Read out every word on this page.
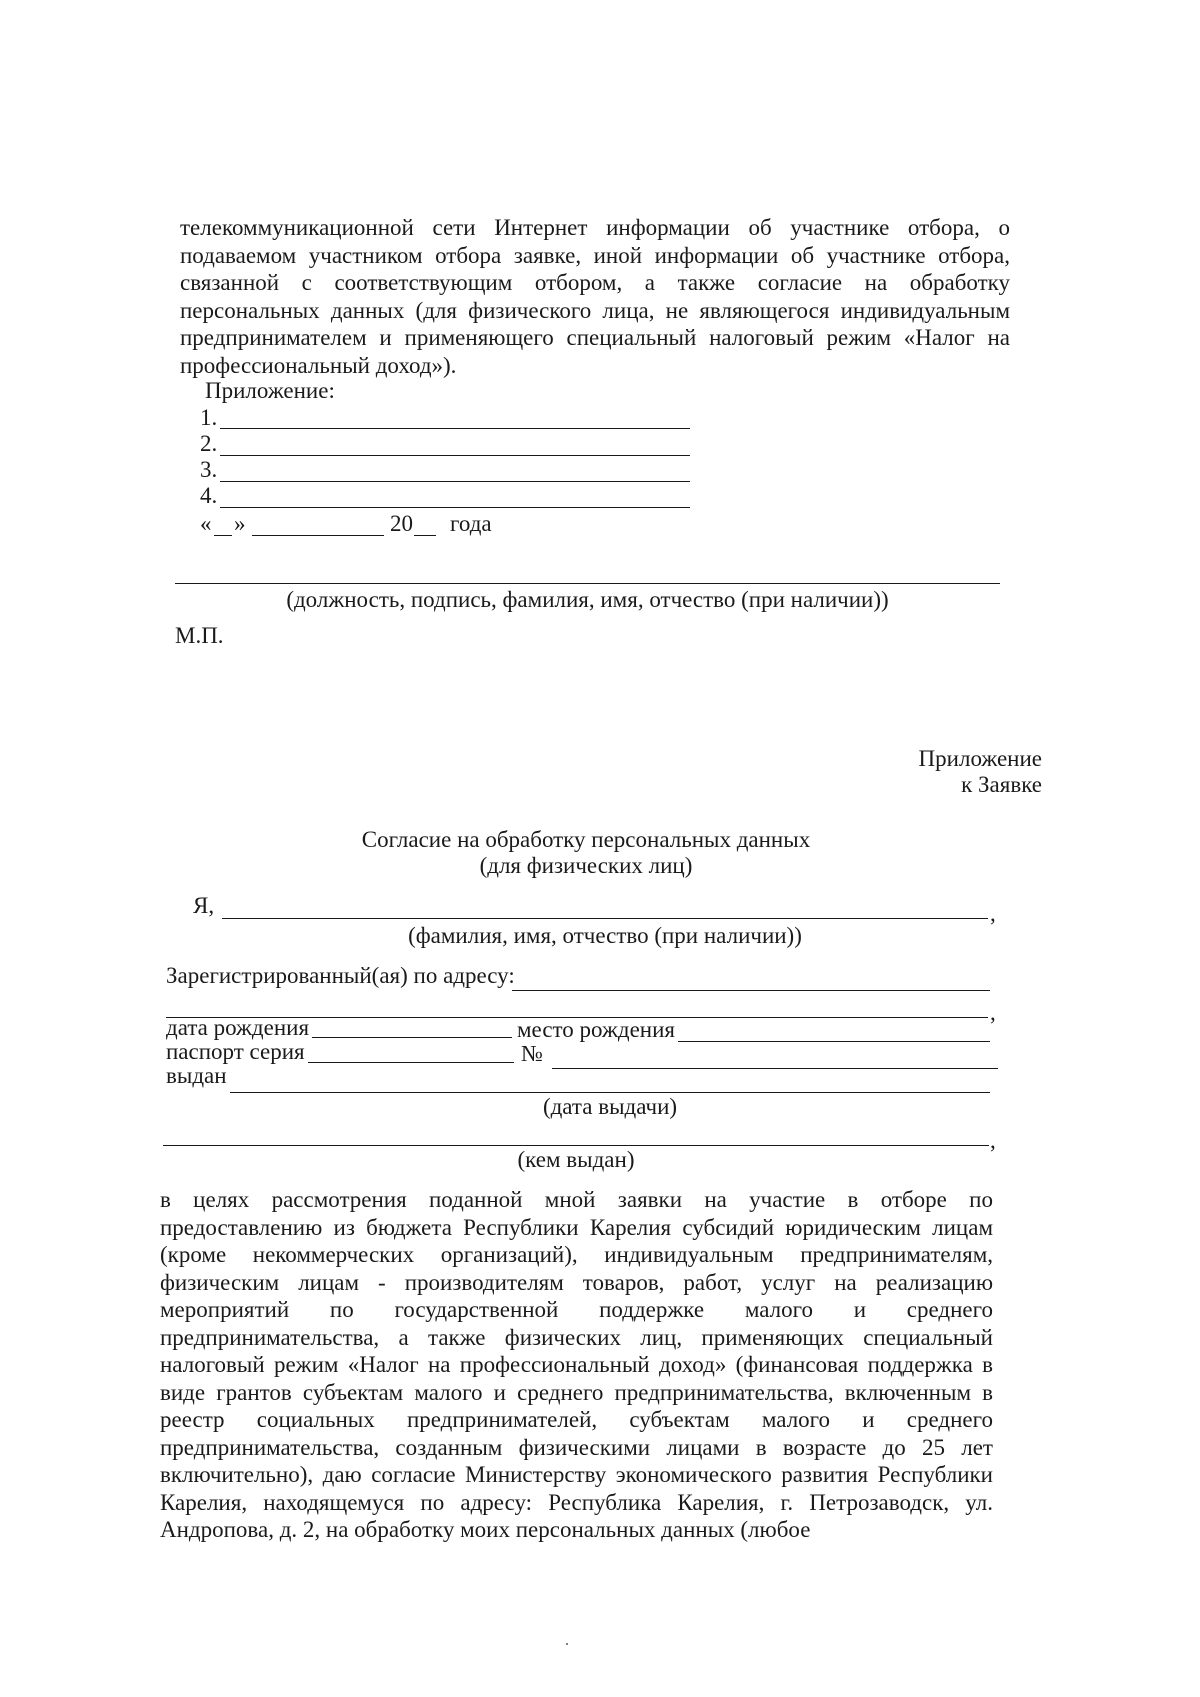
телекоммуникационной сети Интернет информации об участнике отбора, о подаваемом участником отбора заявке, иной информации об участнике отбора, связанной с соответствующим отбором, а также согласие на обработку персональных данных (для физического лица, не являющегося индивидуальным предпринимателем и применяющего специальный налоговый режим «Налог на профессиональный доход»).
Приложение:
1.
2.
3.
4.
« »	20 года
(должность, подпись, фамилия, имя, отчество (при наличии))
М.П.
Приложение
к Заявке
Согласие на обработку персональных данных
(для физических лиц)
Я,	,
(фамилия, имя, отчество (при наличии))
Зарегистрированный(ая) по адресу:
,
дата рождения	место рождения
паспорт серия	№
выдан
(дата выдачи)
,
(кем выдан)
в целях рассмотрения поданной мной заявки на участие в отборе по предоставлению из бюджета Республики Карелия субсидий юридическим лицам (кроме некоммерческих организаций), индивидуальным предпринимателям, физическим лицам - производителям товаров, работ, услуг на реализацию мероприятий по государственной поддержке малого и среднего предпринимательства, а также физических лиц, применяющих специальный налоговый режим «Налог на профессиональный доход» (финансовая поддержка в виде грантов субъектам малого и среднего предпринимательства, включенным в реестр социальных предпринимателей, субъектам малого и среднего предпринимательства, созданным физическими лицами в возрасте до 25 лет включительно), даю согласие Министерству экономического развития Республики Карелия, находящемуся по адресу: Республика Карелия, г. Петрозаводск, ул. Андропова, д. 2, на обработку моих персональных данных (любое
